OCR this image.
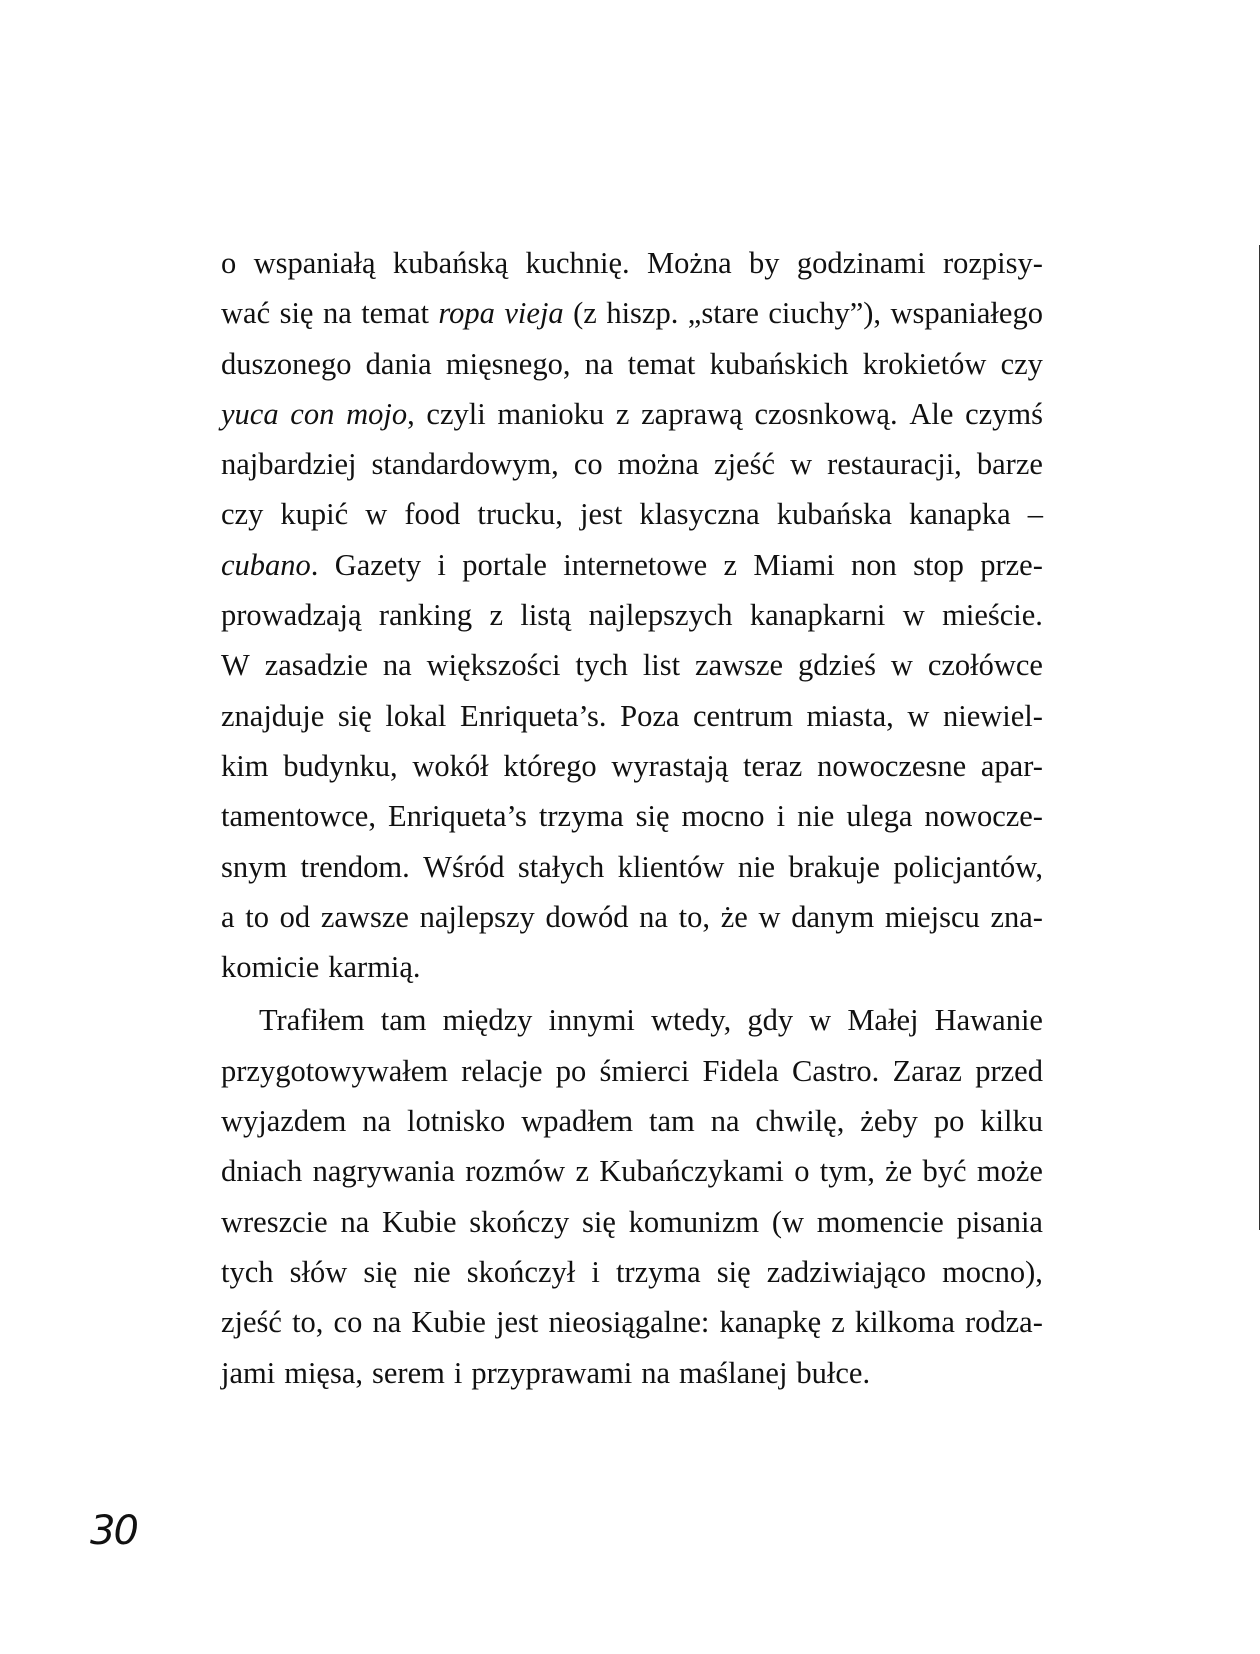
o wspaniałą kubańską kuchnię. Można by godzinami rozpisy-
wać się na temat ropa vieja (z hiszp. „stare ciuchy”), wspaniałego
duszonego dania mięsnego, na temat kubańskich krokietów czy
yuca con mojo, czyli manioku z zaprawą czosnkową. Ale czymś
najbardziej standardowym, co można zjeść w restauracji, barze
czy kupić w food trucku, jest klasyczna kubańska kanapka –
cubano. Gazety i portale internetowe z Miami non stop prze-
prowadzają ranking z listą najlepszych kanapkarni w mieście.
W zasadzie na większości tych list zawsze gdzieś w czołówce
znajduje się lokal Enriqueta’s. Poza centrum miasta, w niewiel-
kim budynku, wokół którego wyrastają teraz nowoczesne apar-
tamentowce, Enriqueta’s trzyma się mocno i nie ulega nowocze-
snym trendom. Wśród stałych klientów nie brakuje policjantów,
a to od zawsze najlepszy dowód na to, że w danym miejscu zna-
komicie karmią.
Trafiłem tam między innymi wtedy, gdy w Małej Hawanie
przygotowywałem relacje po śmierci Fidela Castro. Zaraz przed
wyjazdem na lotnisko wpadłem tam na chwilę, żeby po kilku
dniach nagrywania rozmów z Kubańczykami o tym, że być może
wreszcie na Kubie skończy się komunizm (w momencie pisania
tych słów się nie skończył i trzyma się zadziwiająco mocno),
zjeść to, co na Kubie jest nieosiągalne: kanapkę z kilkoma rodza-
jami mięsa, serem i przyprawami na maślanej bułce.
30
